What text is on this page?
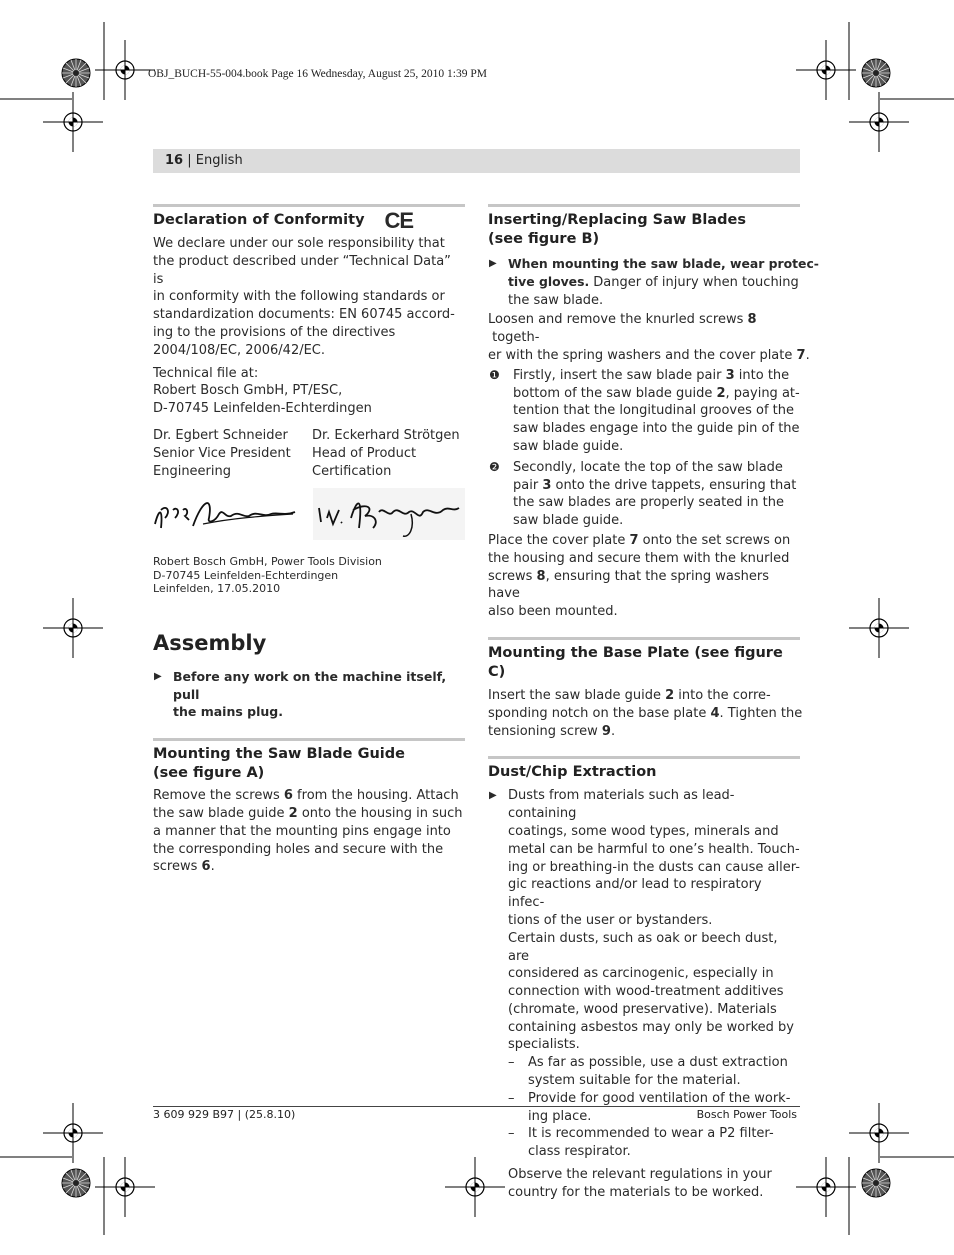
OBJ_BUCH-55-004.book Page 16 Wednesday, August 25, 2010 1:39 PM
16 | English
Declaration of Conformity CE

We declare under our sole responsibility that

the product described under “Technical Data” is

in conformity with the following standards or

standardization documents: EN 60745 accord-

ing to the provisions of the directives

2004/108/EC, 2006/42/EC.

Technical file at:

Robert Bosch GmbH, PT/ESC,

D-70745 Leinfelden-Echterdingen

Dr. Egbert Schneider

Senior Vice President

Engineering

Dr. Eckerhard Strötgen

Head of Product

Certification

Robert Bosch GmbH, Power Tools Division

D-70745 Leinfelden-Echterdingen

Leinfelden, 17.05.2010

Assembly
▶ Before any work on the machine itself, pull

the mains plug.

Mounting the Saw Blade Guide
(see figure A)

Remove the screws 6 from the housing. Attach

the saw blade guide 2 onto the housing in such

a manner that the mounting pins engage into

the corresponding holes and secure with the

screws 6.

Inserting/Replacing Saw Blades
(see figure B)
▶ When mounting the saw blade, wear protec-

tive gloves. Danger of injury when touching

the saw blade.

Loosen and remove the knurled screws 8 togeth-

er with the spring washers and the cover plate 7.

❶ Firstly, insert the saw blade pair 3 into the

bottom of the saw blade guide 2, paying at-

tention that the longitudinal grooves of the

saw blades engage into the guide pin of the

saw blade guide.

❷ Secondly, locate the top of the saw blade

pair 3 onto the drive tappets, ensuring that

the saw blades are properly seated in the

saw blade guide.

Place the cover plate 7 onto the set screws on

the housing and secure them with the knurled

screws 8, ensuring that the spring washers have

also been mounted.

Mounting the Base Plate (see figure C)

Insert the saw blade guide 2 into the corre-

sponding notch on the base plate 4. Tighten the

tensioning screw 9.

Dust/Chip Extraction
▶ Dusts from materials such as lead-containing

coatings, some wood types, minerals and

metal can be harmful to one’s health. Touch-

ing or breathing-in the dusts can cause aller-

gic reactions and/or lead to respiratory infec-

tions of the user or bystanders.

Certain dusts, such as oak or beech dust, are

considered as carcinogenic, especially in

connection with wood-treatment additives

(chromate, wood preservative). Materials

containing asbestos may only be worked by

specialists.

– As far as possible, use a dust extraction

system suitable for the material.

– Provide for good ventilation of the work-

ing place.

– It is recommended to wear a P2 filter-

class respirator.

Observe the relevant regulations in your

country for the materials to be worked.

3 609 929 B97 | (25.8.10)	Bosch Power Tools
